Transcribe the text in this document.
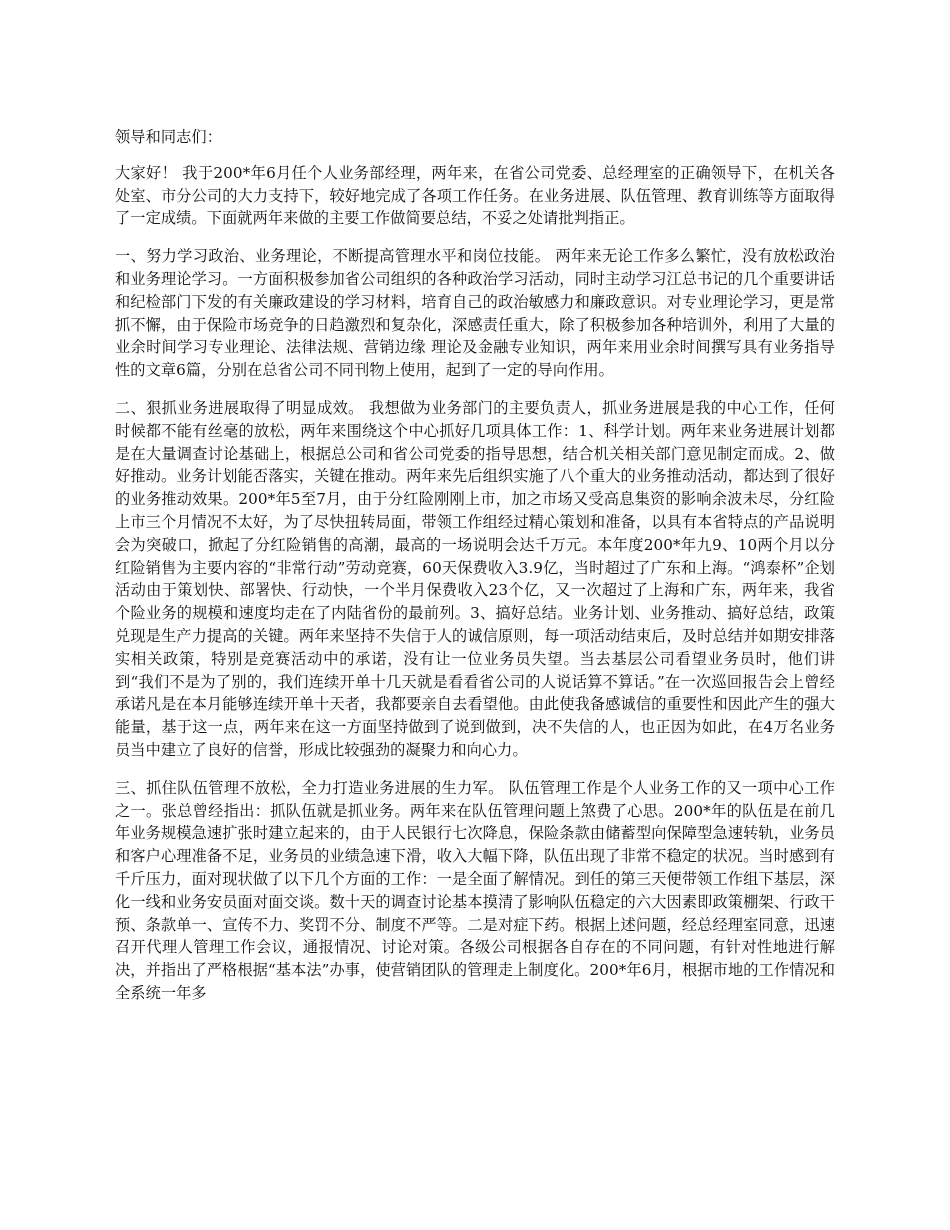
领导和同志们：

大家好！ 我于200*年6月任个人业务部经理，两年来，在省公司党委、总经理室的正确领导下，在机关各处室、市分公司的大力支持下，较好地完成了各项工作任务。在业务进展、队伍管理、教育训练等方面取得了一定成绩。下面就两年来做的主要工作做简要总结，不妥之处请批判指正。

一、努力学习政治、业务理论，不断提高管理水平和岗位技能。 两年来无论工作多么繁忙，没有放松政治和业务理论学习。一方面积极参加省公司组织的各种政治学习活动，同时主动学习江总书记的几个重要讲话和纪检部门下发的有关廉政建设的学习材料，培育自己的政治敏感力和廉政意识。对专业理论学习，更是常抓不懈，由于保险市场竞争的日趋激烈和复杂化，深感责任重大，除了积极参加各种培训外，利用了大量的业余时间学习专业理论、法律法规、营销边缘 理论及金融专业知识，两年来用业余时间撰写具有业务指导性的文章6篇，分别在总省公司不同刊物上使用，起到了一定的导向作用。

二、狠抓业务进展取得了明显成效。 我想做为业务部门的主要负责人，抓业务进展是我的中心工作，任何时候都不能有丝毫的放松，两年来围绕这个中心抓好几项具体工作：1、科学计划。两年来业务进展计划都是在大量调查讨论基础上，根据总公司和省公司党委的指导思想，结合机关相关部门意见制定而成。2、做好推动。业务计划能否落实，关键在推动。两年来先后组织实施了八个重大的业务推动活动，都达到了很好的业务推动效果。200*年5至7月，由于分红险刚刚上市，加之市场又受高息集资的影响余波未尽，分红险上市三个月情况不太好，为了尽快扭转局面，带领工作组经过精心策划和准备，以具有本省特点的产品说明会为突破口，掀起了分红险销售的高潮，最高的一场说明会达千万元。本年度200*年九9、10两个月以分红险销售为主要内容的“非常行动”劳动竞赛，60天保费收入3.9亿，当时超过了广东和上海。“鸿泰杯”企划活动由于策划快、部署快、行动快，一个半月保费收入23个亿，又一次超过了上海和广东，两年来，我省个险业务的规模和速度均走在了内陆省份的最前列。3、搞好总结。业务计划、业务推动、搞好总结，政策兑现是生产力提高的关键。两年来坚持不失信于人的诚信原则，每一项活动结束后，及时总结并如期安排落实相关政策，特别是竞赛活动中的承诺，没有让一位业务员失望。当去基层公司看望业务员时，他们讲到“我们不是为了别的，我们连续开单十几天就是看看省公司的人说话算不算话。”在一次巡回报告会上曾经承诺凡是在本月能够连续开单十天者，我都要亲自去看望他。由此使我备感诚信的重要性和因此产生的强大能量，基于这一点，两年来在这一方面坚持做到了说到做到，决不失信的人，也正因为如此，在4万名业务员当中建立了良好的信誉，形成比较强劲的凝聚力和向心力。

三、抓住队伍管理不放松，全力打造业务进展的生力军。 队伍管理工作是个人业务工作的又一项中心工作之一。张总曾经指出：抓队伍就是抓业务。两年来在队伍管理问题上煞费了心思。200*年的队伍是在前几年业务规模急速扩张时建立起来的，由于人民银行七次降息，保险条款由储蓄型向保障型急速转轨，业务员和客户心理准备不足，业务员的业绩急速下滑，收入大幅下降，队伍出现了非常不稳定的状况。当时感到有千斤压力，面对现状做了以下几个方面的工作：一是全面了解情况。到任的第三天便带领工作组下基层，深化一线和业务安员面对面交谈。数十天的调查讨论基本摸清了影响队伍稳定的六大因素即政策棚架、行政干预、条款单一、宣传不力、奖罚不分、制度不严等。二是对症下药。根据上述问题，经总经理室同意，迅速召开代理人管理工作会议，通报情况、讨论对策。各级公司根据各自存在的不同问题，有针对性地进行解决，并指出了严格根据“基本法”办事，使营销团队的管理走上制度化。200*年6月，根据市地的工作情况和全系统一年多
